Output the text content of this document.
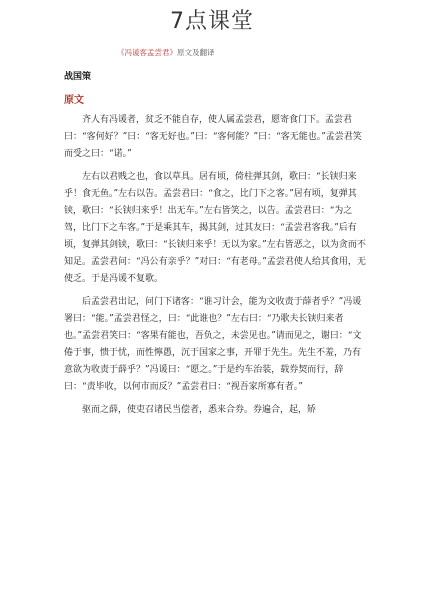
7点课堂
《冯谖客孟尝君》原文及翻译
战国策
原文

齐人有冯谖者，贫乏不能自存，使人属孟尝君，愿寄食门下。孟尝君曰：“客何好？”曰：“客无好也。”曰：“客何能？”曰：“客无能也。”孟尝君笑而受之曰：“诺。”

左右以君贱之也，食以草具。居有顷，倚柱弹其剑，歌曰：“长铗归来乎！食无鱼。”左右以告。孟尝君曰：“食之，比门下之客。”居有顷，复弹其铗，歌曰：“长铗归来乎！出无车。”左右皆笑之，以告。孟尝君曰：“为之驾，比门下之车客。”于是乘其车，揭其剑，过其友曰：“孟尝君客我。”后有顷，复弹其剑铗，歌曰：“长铗归来乎！无以为家。”左右皆恶之，以为贪而不知足。孟尝君问：“冯公有亲乎？”对曰：“有老母。”孟尝君使人给其食用，无使乏。于是冯谖不复歌。

后孟尝君出记，问门下诸客：“谁习计会，能为文收责于薛者乎？”冯谖署曰：“能。”孟尝君怪之，曰：“此谁也？”左右曰：“乃歌夫长铗归来者也。”孟尝君笑曰：“客果有能也，吾负之，未尝见也。”请而见之，谢曰：“文倦于事，愦于忧，而性懧愚，沉于国家之事，开罪于先生。先生不羞，乃有意欲为收责于薛乎？”冯谖曰：“愿之。”于是约车治装，载券契而行，辞曰：“责毕收，以何市而反？”孟尝君曰：“视吾家所寡有者。”

驱而之薛，使吏召诸民当偿者，悉来合券。券遍合，起，矫
